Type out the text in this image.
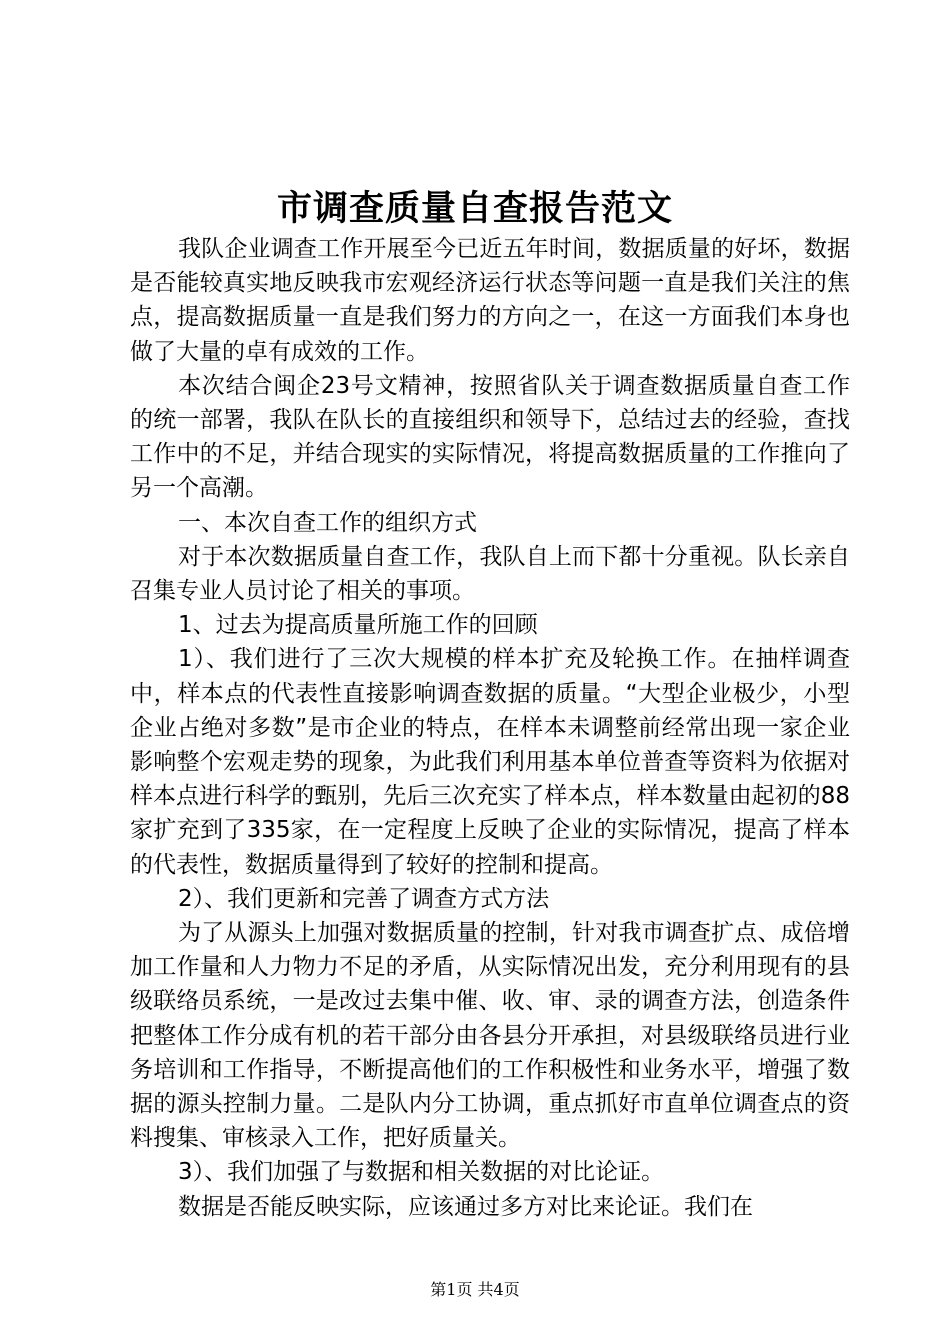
市调查质量自查报告范文

我队企业调查工作开展至今已近五年时间，数据质量的好坏，数据是否能较真实地反映我市宏观经济运行状态等问题一直是我们关注的焦点，提高数据质量一直是我们努力的方向之一，在这一方面我们本身也做了大量的卓有成效的工作。

本次结合闽企23号文精神，按照省队关于调查数据质量自查工作的统一部署，我队在队长的直接组织和领导下，总结过去的经验，查找工作中的不足，并结合现实的实际情况，将提高数据质量的工作推向了另一个高潮。

一、本次自查工作的组织方式

对于本次数据质量自查工作，我队自上而下都十分重视。队长亲自召集专业人员讨论了相关的事项。

1、过去为提高质量所施工作的回顾

1）、我们进行了三次大规模的样本扩充及轮换工作。在抽样调查中，样本点的代表性直接影响调查数据的质量。“大型企业极少，小型企业占绝对多数”是市企业的特点，在样本未调整前经常出现一家企业影响整个宏观走势的现象，为此我们利用基本单位普查等资料为依据对样本点进行科学的甄别，先后三次充实了样本点，样本数量由起初的88家扩充到了335家，在一定程度上反映了企业的实际情况，提高了样本的代表性，数据质量得到了较好的控制和提高。

2）、我们更新和完善了调查方式方法

为了从源头上加强对数据质量的控制，针对我市调查扩点、成倍增加工作量和人力物力不足的矛盾，从实际情况出发，充分利用现有的县级联络员系统，一是改过去集中催、收、审、录的调查方法，创造条件把整体工作分成有机的若干部分由各县分开承担，对县级联络员进行业务培训和工作指导，不断提高他们的工作积极性和业务水平，增强了数据的源头控制力量。二是队内分工协调，重点抓好市直单位调查点的资料搜集、审核录入工作，把好质量关。

3）、我们加强了与数据和相关数据的对比论证。

数据是否能反映实际，应该通过多方对比来论证。我们在

第1页 共4页
